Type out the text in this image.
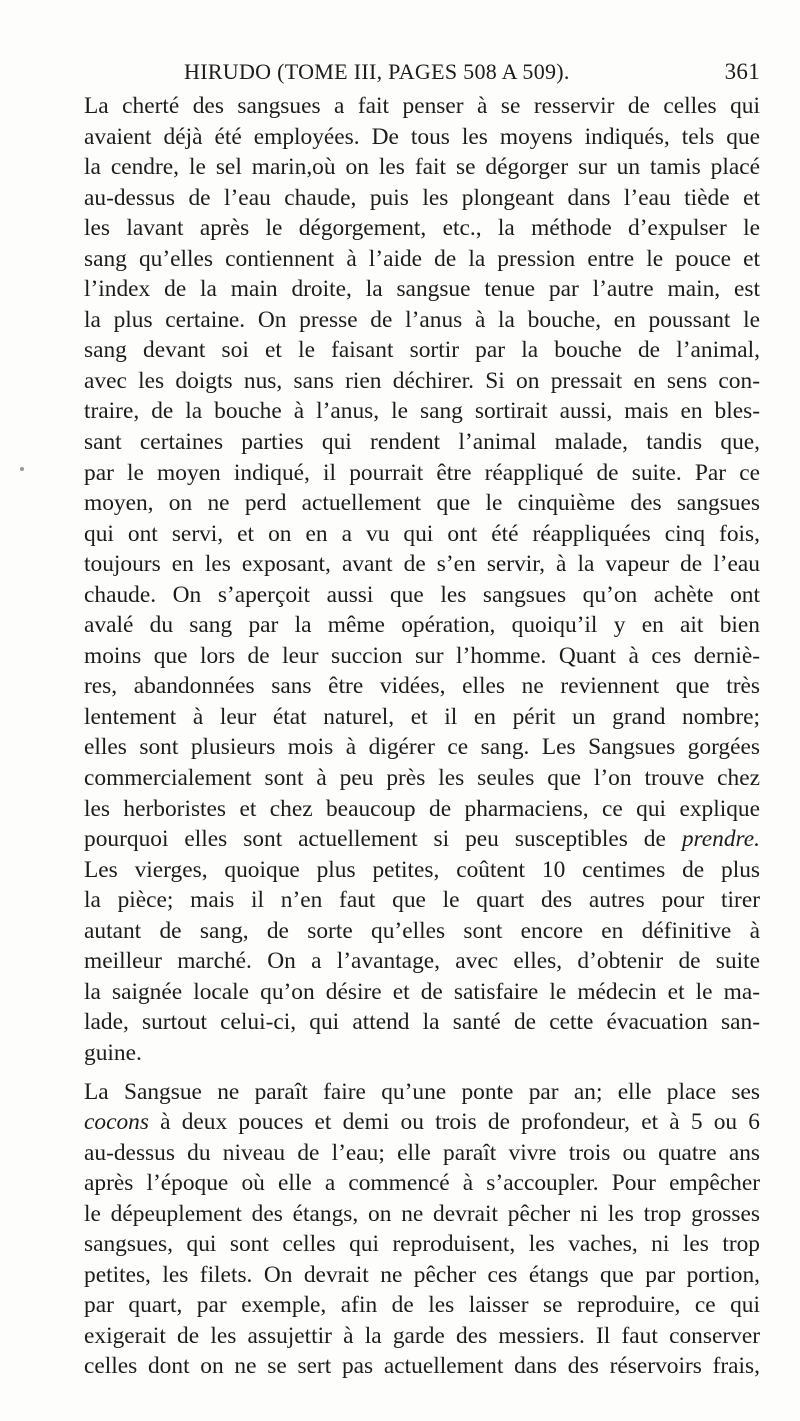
HIRUDO (TOME III, PAGES 508 A 509).	361
La cherté des sangsues a fait penser à se resservir de celles qui
avaient déjà été employées. De tous les moyens indiqués, tels que
la cendre, le sel marin,où on les fait se dégorger sur un tamis placé
au-dessus de l’eau chaude, puis les plongeant dans l’eau tiède et
les lavant après le dégorgement, etc., la méthode d’expulser le
sang qu’elles contiennent à l’aide de la pression entre le pouce et
l’index de la main droite, la sangsue tenue par l’autre main, est
la plus certaine. On presse de l’anus à la bouche, en poussant le
sang devant soi et le faisant sortir par la bouche de l’animal,
avec les doigts nus, sans rien déchirer. Si on pressait en sens con-
traire, de la bouche à l’anus, le sang sortirait aussi, mais en bles-
sant certaines parties qui rendent l’animal malade, tandis que,
par le moyen indiqué, il pourrait être réappliqué de suite. Par ce
moyen, on ne perd actuellement que le cinquième des sangsues
qui ont servi, et on en a vu qui ont été réappliquées cinq fois,
toujours en les exposant, avant de s’en servir, à la vapeur de l’eau
chaude. On s’aperçoit aussi que les sangsues qu’on achète ont
avalé du sang par la même opération, quoiqu’il y en ait bien
moins que lors de leur succion sur l’homme. Quant à ces derniè-
res, abandonnées sans être vidées, elles ne reviennent que très
lentement à leur état naturel, et il en périt un grand nombre;
elles sont plusieurs mois à digérer ce sang. Les Sangsues gorgées
commercialement sont à peu près les seules que l’on trouve chez
les herboristes et chez beaucoup de pharmaciens, ce qui explique
pourquoi elles sont actuellement si peu susceptibles de prendre.
Les vierges, quoique plus petites, coûtent 10 centimes de plus
la pièce; mais il n’en faut que le quart des autres pour tirer
autant de sang, de sorte qu’elles sont encore en définitive à
meilleur marché. On a l’avantage, avec elles, d’obtenir de suite
la saignée locale qu’on désire et de satisfaire le médecin et le ma-
lade, surtout celui-ci, qui attend la santé de cette évacuation san-
guine.
La Sangsue ne paraît faire qu’une ponte par an; elle place ses
cocons à deux pouces et demi ou trois de profondeur, et à 5 ou 6
au-dessus du niveau de l’eau; elle paraît vivre trois ou quatre ans
après l’époque où elle a commencé à s’accoupler. Pour empêcher
le dépeuplement des étangs, on ne devrait pêcher ni les trop grosses
sangsues, qui sont celles qui reproduisent, les vaches, ni les trop
petites, les filets. On devrait ne pêcher ces étangs que par portion,
par quart, par exemple, afin de les laisser se reproduire, ce qui
exigerait de les assujettir à la garde des messiers. Il faut conserver
celles dont on ne se sert pas actuellement dans des réservoirs frais,
